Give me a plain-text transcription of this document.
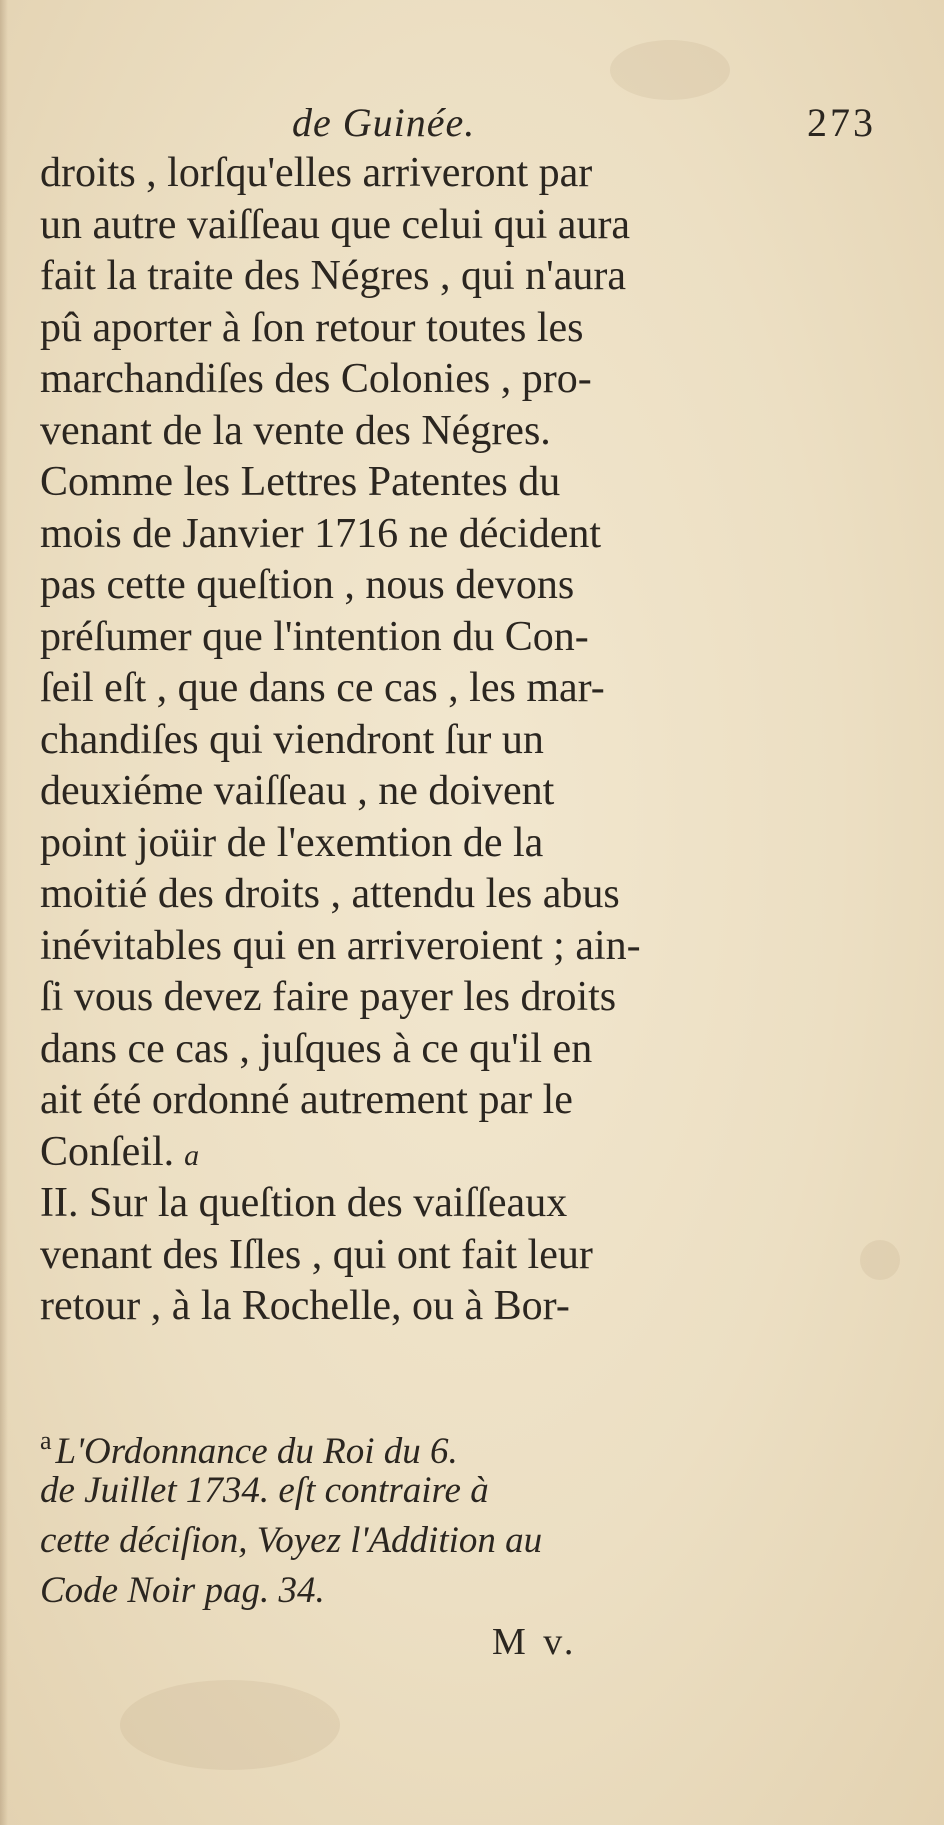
de Guinée.	273
droits , lorſqu'elles arriveront par
un autre vaiſſeau que celui qui aura
fait la traite des Négres , qui n'aura
pû aporter à ſon retour toutes les
marchandiſes des Colonies , pro-
venant de la vente des Négres.
Comme les Lettres Patentes du
mois de Janvier 1716 ne décident
pas cette queſtion , nous devons
préſumer que l'intention du Con-
ſeil eſt , que dans ce cas , les mar-
chandiſes qui viendront ſur un
deuxiéme vaiſſeau , ne doivent
point joüir de l'exemtion de la
moitié des droits , attendu les abus
inévitables qui en arriveroient ; ain-
ſi vous devez faire payer les droits
dans ce cas , juſques à ce qu'il en
ait été ordonné autrement par le
Conſeil. a
II. Sur la queſtion des vaiſſeaux
venant des Iſles , qui ont fait leur
retour , à la Rochelle, ou à Bor-
$^a$ L'Ordonnance du Roi du 6.
de Juillet 1734. eſt contraire à
cette déciſion, Voyez l'Addition au
Code Noir pag. 34.
M v.
